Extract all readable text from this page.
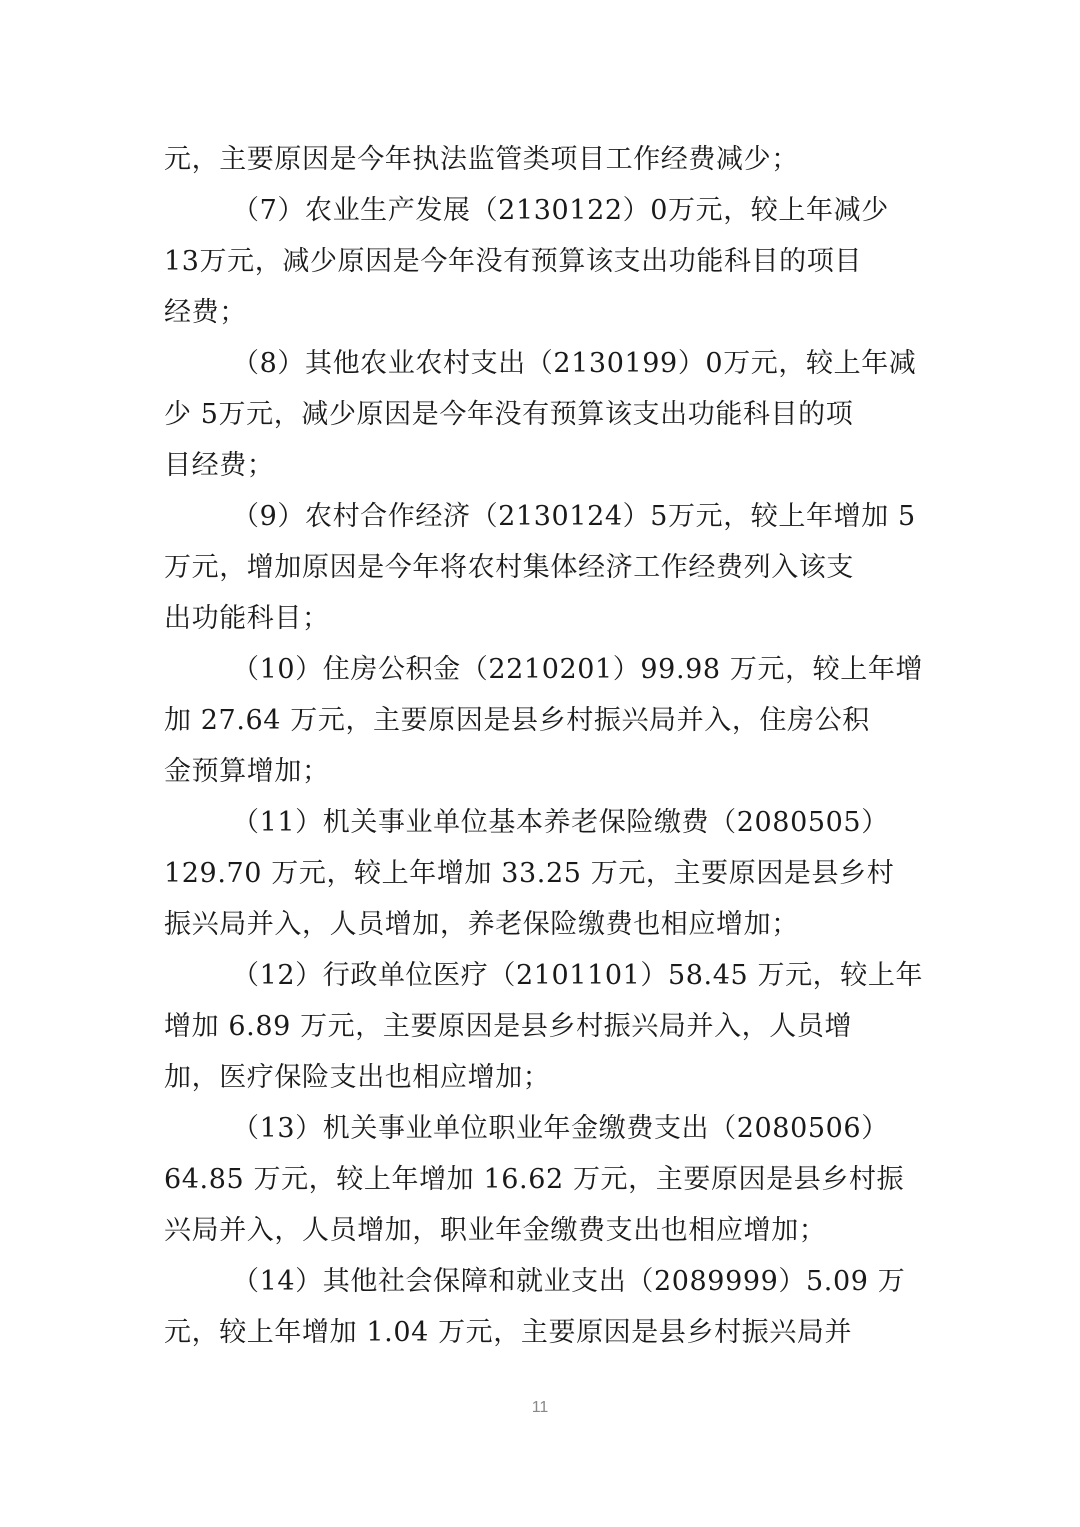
元，主要原因是今年执法监管类项目工作经费减少；
（7）农业生产发展（2130122）0万元，较上年减少
13万元，减少原因是今年没有预算该支出功能科目的项目
经费；
（8）其他农业农村支出（2130199）0万元，较上年减
少 5万元，减少原因是今年没有预算该支出功能科目的项
目经费；
（9）农村合作经济（2130124）5万元，较上年增加 5
万元，增加原因是今年将农村集体经济工作经费列入该支
出功能科目；
（10）住房公积金（2210201）99.98 万元，较上年增
加 27.64 万元，主要原因是县乡村振兴局并入，住房公积
金预算增加；
（11）机关事业单位基本养老保险缴费（2080505）
129.70 万元，较上年增加 33.25 万元，主要原因是县乡村
振兴局并入，人员增加，养老保险缴费也相应增加；
（12）行政单位医疗（2101101）58.45 万元，较上年
增加 6.89 万元，主要原因是县乡村振兴局并入，人员增
加，医疗保险支出也相应增加；
（13）机关事业单位职业年金缴费支出（2080506）
64.85 万元，较上年增加 16.62 万元，主要原因是县乡村振
兴局并入，人员增加，职业年金缴费支出也相应增加；
（14）其他社会保障和就业支出（2089999）5.09 万
元，较上年增加 1.04 万元，主要原因是县乡村振兴局并
11
